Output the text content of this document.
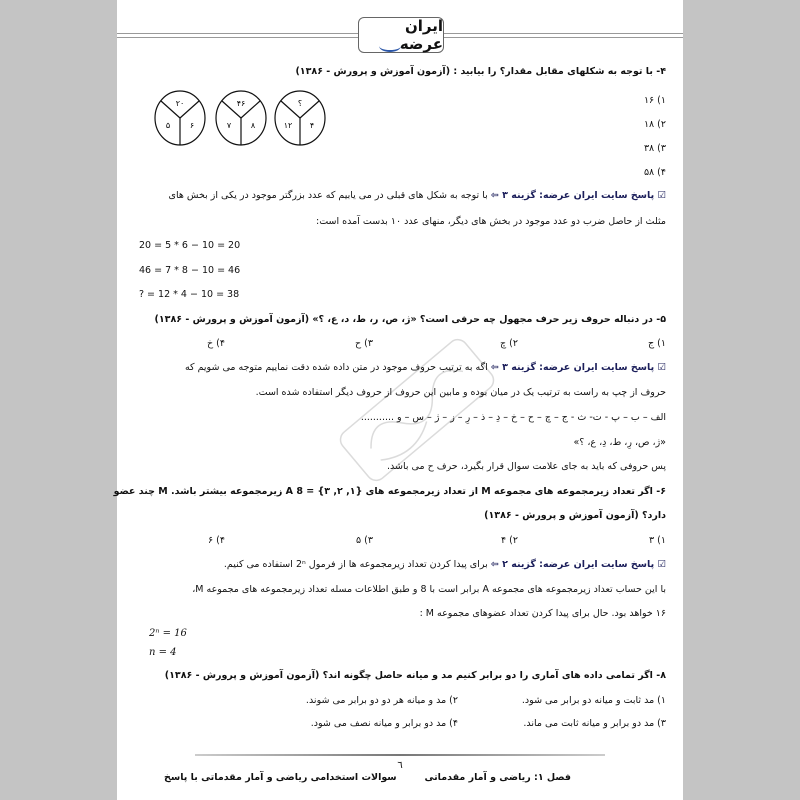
ایران عرضه
۴- با توجه به شکلهای مقابل مقدار؟ را بیابید : (آزمون آموزش و پرورش - ۱۳۸۶)
۲۰
۵ ۶
۴۶
۷ ۸
؟
۱۲ ۴
۱) ۱۶
۲) ۱۸
۳) ۳۸
۴) ۵۸
☑ پاسخ سایت ایران عرضه: گزینه ۳ ⇦ با توجه به شکل های قبلی در می یابیم که عدد بزرگتر موجود در یکی از بخش های
مثلث از حاصل ضرب دو عدد موجود در بخش های دیگر، منهای عدد ۱۰ بدست آمده است:
20 = 5 * 6 − 10 = 20
46 = 7 * 8 − 10 = 46
? = 12 * 4 − 10 = 38
۵- در دنباله حروف زیر حرف مجهول چه حرفی است؟ «ژ، ص، ر، ط، د، ع، ؟» (آزمون آموزش و پرورش - ۱۳۸۶)
۱) ج
۲) چ
۳) ح
۴) خ
☑ پاسخ سایت ایران عرضه: گزینه ۳ ⇦ اگه به ترتیب حروف موجود در متن داده شده دقت نماییم متوجه می شویم که
حروف از چپ به راست به ترتیب یک در میان بوده و مابین این حروف از حروف دیگر استفاده شده است.
الف – ب – پ - ت- ث - ج – چ – ح – خ – دِ – ذ – رِ – ز – ژ – س – و ...........
«ژ، ص، رِ، ط، دِ، ع، ؟»
پس حروفی که باید به جای علامت سوال قرار بگیرد، حرف ح می باشد.
۶- اگر تعداد زیرمجموعه های مجموعه M از تعداد زیرمجموعه های {۱, ۲, ۳} = A 8 زیرمجموعه بیشتر باشد. M چند عضو
دارد؟ (آزمون آموزش و پرورش - ۱۳۸۶)
۱) ۳
۲) ۴
۳) ۵
۴) ۶
☑ پاسخ سایت ایران عرضه: گزینه ۲ ⇦ برای پیدا کردن تعداد زیرمجموعه ها از فرمول 2ⁿ استفاده می کنیم.
با این حساب تعداد زیرمجموعه های مجموعه A برابر است با 8 و طبق اطلاعات مسله تعداد زیرمجموعه های مجموعه M،
۱۶ خواهد بود. حال برای پیدا کردن تعداد عضوهای مجموعه M :
2ⁿ = 16
n = 4
۸- اگر تمامی داده های آماری را دو برابر کنیم مد و میانه حاصل چگونه اند؟ (آزمون آموزش و پرورش - ۱۳۸۶)
۱) مد ثابت و میانه دو برابر می شود.
۲) مد و میانه هر دو دو برابر می شوند.
۳) مد دو برابر و میانه ثابت می ماند.
۴) مد دو برابر و میانه نصف می شود.
٦
فصل ۱: ریاضی و آمار مقدماتی
سوالات استخدامی ریاضی و آمار مقدماتی با پاسخ
